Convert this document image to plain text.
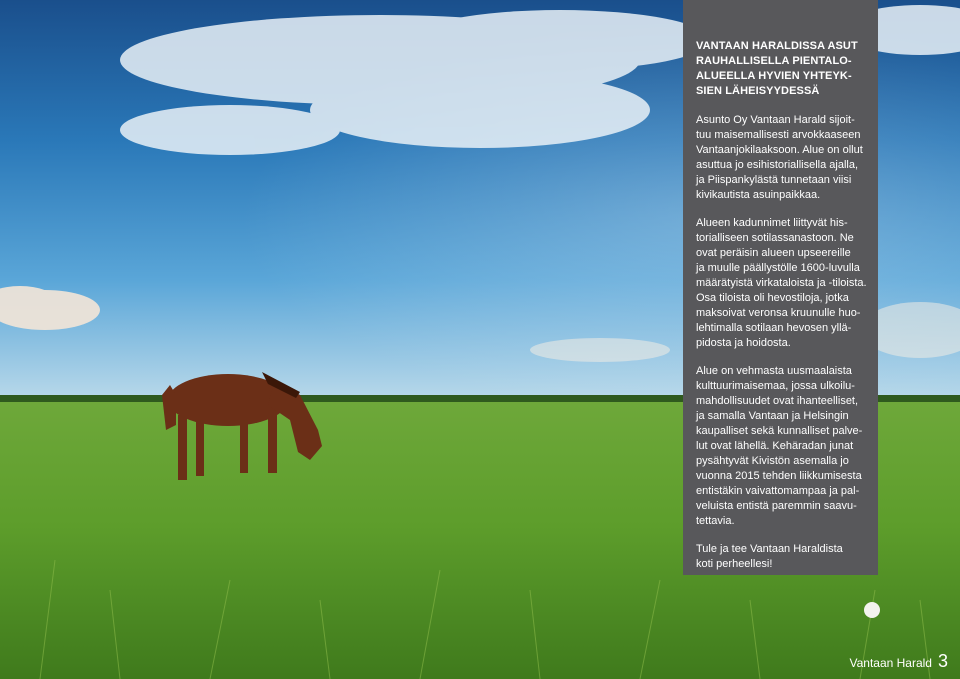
VANTAAN HARALDISSA ASUT
RAUHALLISELLA PIENTALO-
ALUEELLA HYVIEN YHTEYK-
SIEN LÄHEISYYDESSÄ

Asunto Oy Vantaan Harald sijoit-
tuu maisemallisesti arvokkaaseen
Vantaanjokilaaksoon. Alue on ollut
asuttua jo esihistoriallisella ajalla,
ja Piispankylästä tunnetaan viisi
kivikautista asuinpaikkaa.

Alueen kadunnimet liittyvät his-
torialliseen sotilassanastoon. Ne
ovat peräisin alueen upseereille
ja muulle päällystölle 1600-luvulla
määrätyistä virkataloista ja -tiloista.
Osa tiloista oli hevostiloja, jotka
maksoivat veronsa kruunulle huo-
lehtimalla sotilaan hevosen yllä-
pidosta ja hoidosta.

Alue on vehmasta uusmaalaista
kulttuurimaisemaa, jossa ulkoilu-
mahdollisuudet ovat ihanteelliset,
ja samalla Vantaan ja Helsingin
kaupalliset sekä kunnalliset palve-
lut ovat lähellä. Kehäradan junat
pysähtyvät Kivistön asemalla jo
vuonna 2015 tehden liikkumisesta
entistäkin vaivattomampaa ja pal-
veluista entistä paremmin saavu-
tettavia.

Tule ja tee Vantaan Haraldista
koti perheellesi!

Vantaan Harald 3
